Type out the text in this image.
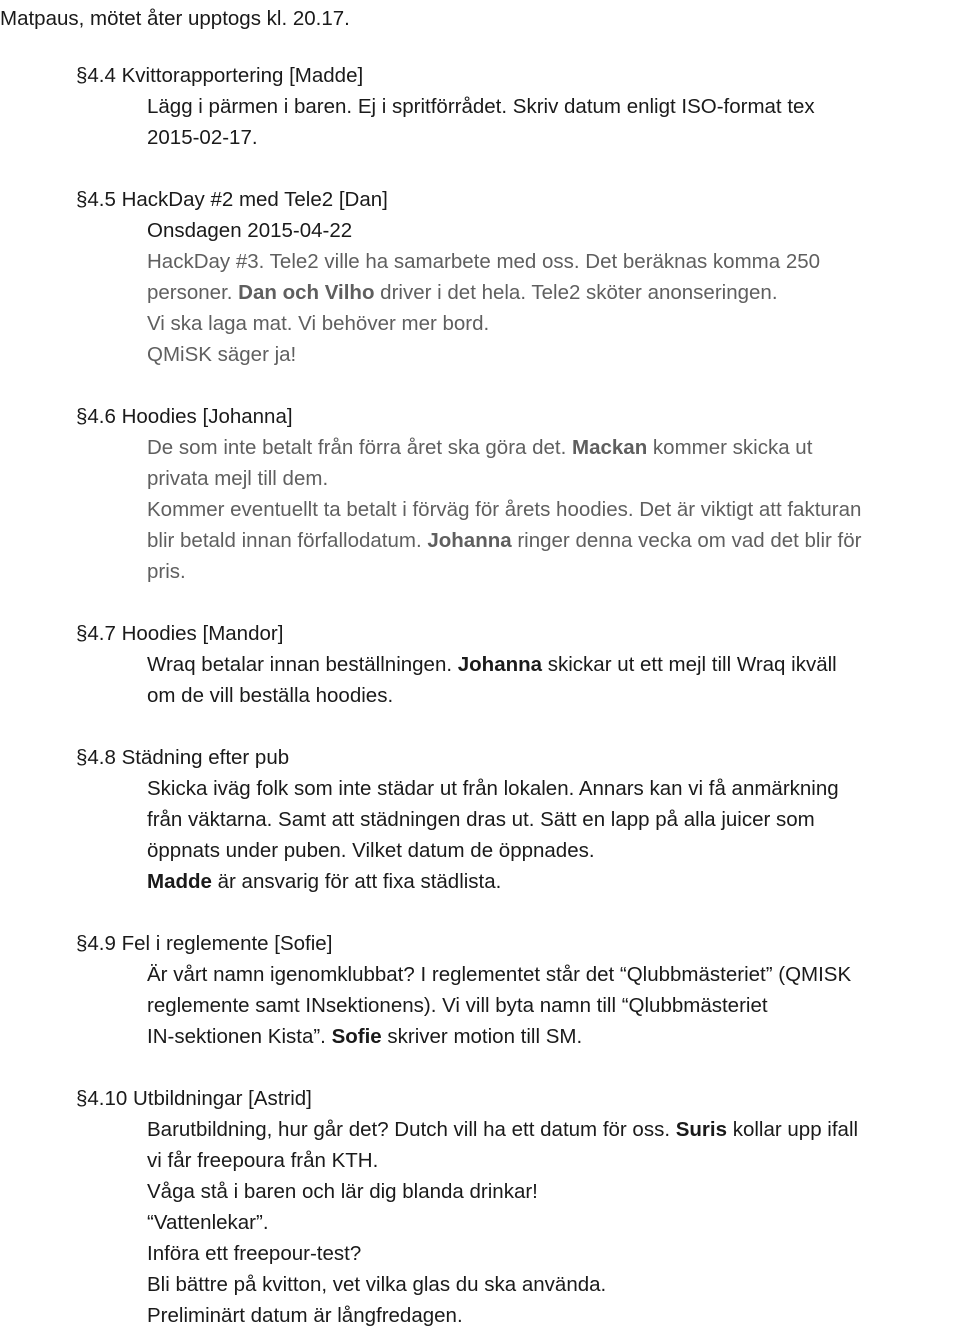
Matpaus, mötet åter upptogs kl. 20.17.
§4.4 Kvittorapportering [Madde]
Lägg i pärmen i baren. Ej i spritförrådet. Skriv datum enligt ISO-format tex
2015-02-17.
§4.5 HackDay #2 med Tele2 [Dan]
Onsdagen 2015-04-22
HackDay #3. Tele2 ville ha samarbete med oss. Det beräknas komma 250
personer. Dan och Vilho driver i det hela. Tele2 sköter anonseringen.
Vi ska laga mat. Vi behöver mer bord.
QMiSK säger ja!
§4.6 Hoodies [Johanna]
De som inte betalt från förra året ska göra det. Mackan kommer skicka ut
privata mejl till dem.
Kommer eventuellt ta betalt i förväg för årets hoodies. Det är viktigt att fakturan
blir betald innan förfallodatum. Johanna ringer denna vecka om vad det blir för
pris.
§4.7 Hoodies [Mandor]
Wraq betalar innan beställningen. Johanna skickar ut ett mejl till Wraq ikväll
om de vill beställa hoodies.
§4.8 Städning efter pub
Skicka iväg folk som inte städar ut från lokalen. Annars kan vi få anmärkning
från väktarna. Samt att städningen dras ut. Sätt en lapp på alla juicer som
öppnats under puben. Vilket datum de öppnades.
Madde är ansvarig för att fixa städlista.
§4.9 Fel i reglemente [Sofie]
Är vårt namn igenomklubbat? I reglementet står det “Qlubbmästeriet” (QMISK
reglemente samt INsektionens). Vi vill byta namn till “Qlubbmästeriet
IN-sektionen Kista”. Sofie skriver motion till SM.
§4.10 Utbildningar [Astrid]
Barutbildning, hur går det? Dutch vill ha ett datum för oss. Suris kollar upp ifall
vi får freepoura från KTH.
Våga stå i baren och lär dig blanda drinkar!
“Vattenlekar”.
Införa ett freepour-test?
Bli bättre på kvitton, vet vilka glas du ska använda.
Preliminärt datum är långfredagen.
